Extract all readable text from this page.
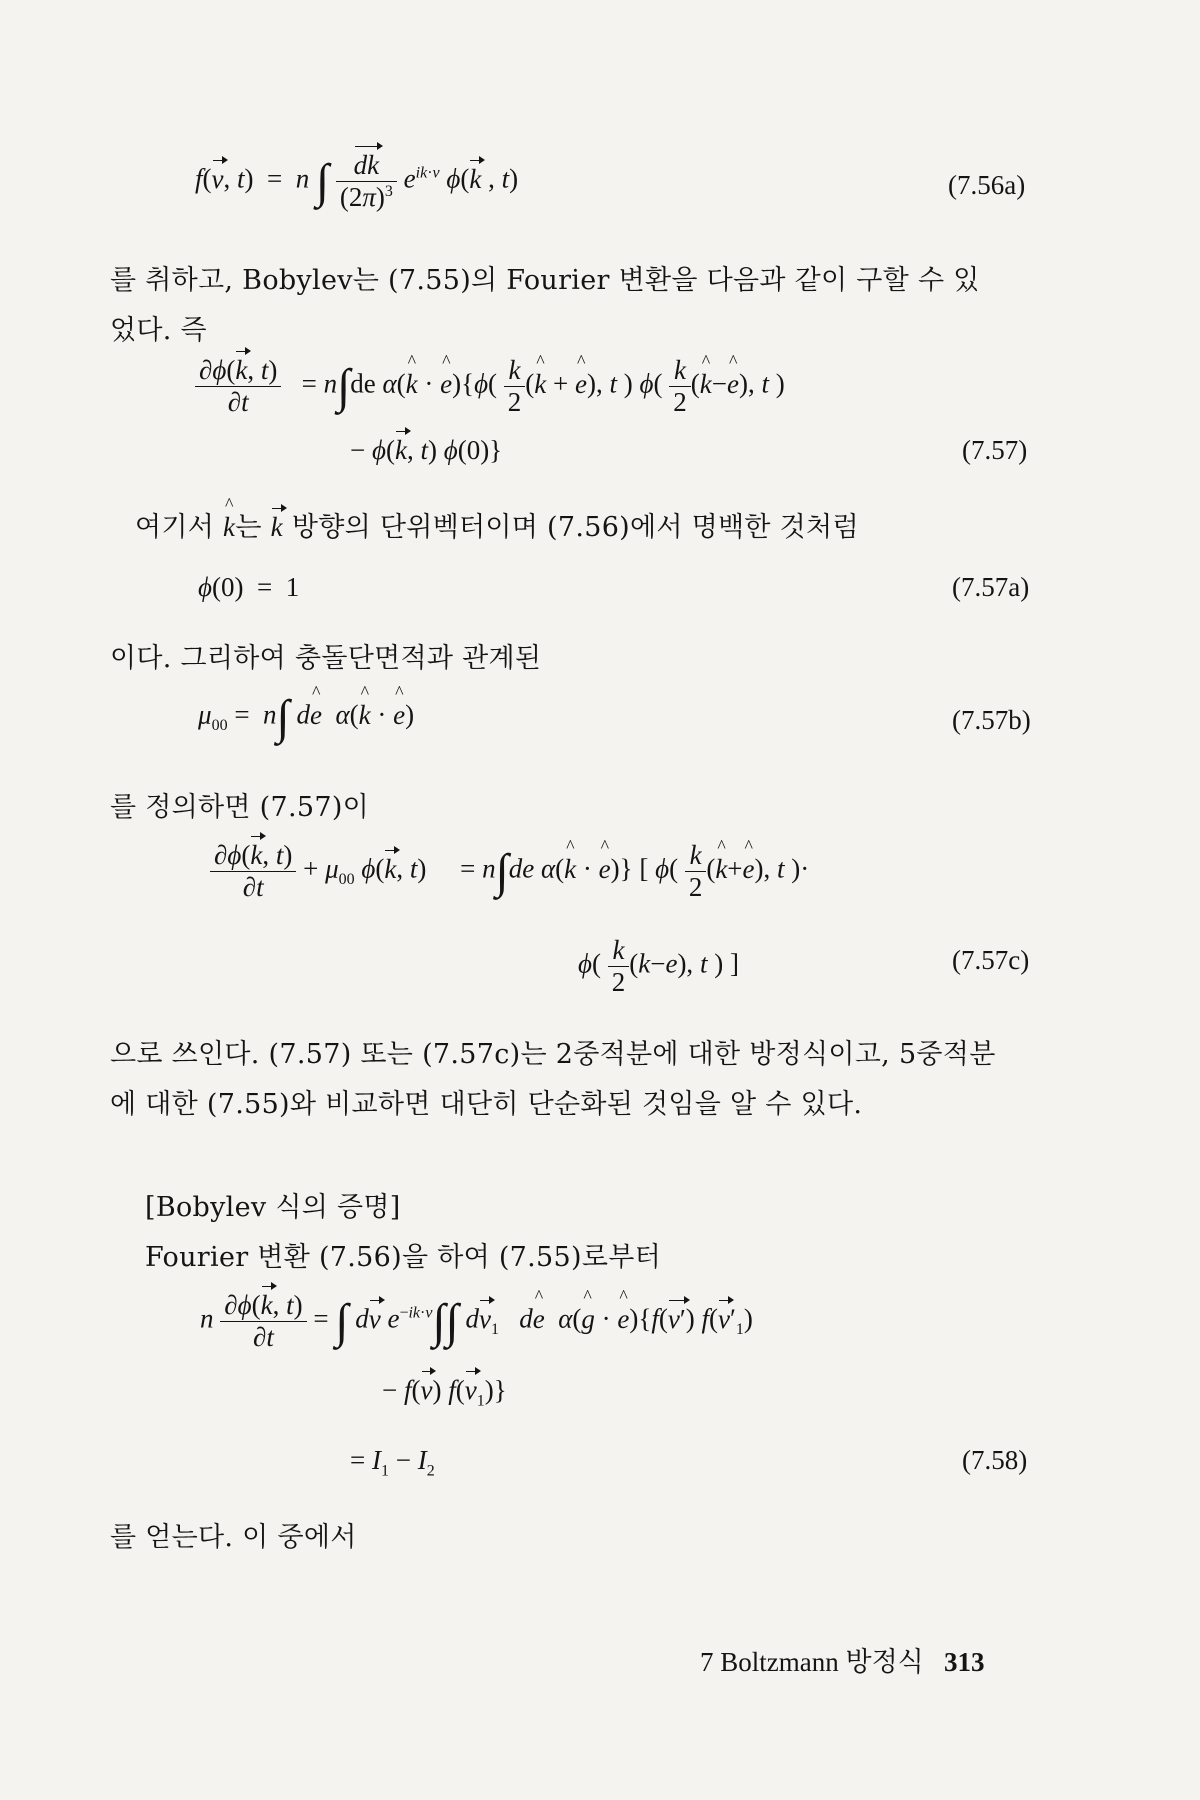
f(v, t)  =  n ∫ $\frac{dk}{(2\pi)^3} e^{ik\cdot v}$ ϕ(k , t)	(7.56a)
를 취하고, Bobylev는 (7.55)의 Fourier 변환을 다음과 같이 구할 수 있
었다. 즉
$\frac{\partial\phi(k, t)}{\partial t} = n\int de$ α(^ k · ^ $e)\{\phi( \frac{k}{2}$ (^ k + ^ e), t ) $\phi( \frac{k}{2}$ (^ k−^ e), t )
− ϕ(k, t) ϕ(0)}	(7.57)
여기서 ^ k는 k 방향의 단위벡터이며 (7.56)에서 명백한 것처럼
ϕ(0)  =  1	(7.57a)
이다. 그리하여 충돌단면적과 관계된
$\mu_{00} = n\int$ d^ e α(^ k · ^ e)	(7.57b)
를 정의하면 (7.57)이
$\frac{\partial\phi(k, t)}{\partial t} + \mu_{00}$ ϕ(k, t)     = n∫de α(^ k · ^ e)} [ $\phi( \frac{k}{2}$ (^ k+^ e), t )·
$\phi( \frac{k}{2} (k-e)$, t ) ]	(7.57c)
으로 쓰인다. (7.57) 또는 (7.57c)는 2중적분에 대한 방정식이고, 5중적분
에 대한 (7.55)와 비교하면 대단히 단순화된 것임을 알 수 있다.
[Bobylev 식의 증명]
Fourier 변환 (7.56)을 하여 (7.55)로부터
n $\frac{\partial\phi(k, t)}{\partial t}$ = ∫ dv $e^{-ik\cdot v}\int\int$ $dv_1$ d^ e α(^ g · ^ e){f(v′) $f(v'_1)$
− f(v) $f(v_1)$}
= $I_1 - I_2$	(7.58)
를 얻는다. 이 중에서
7 Boltzmann 방정식 313
